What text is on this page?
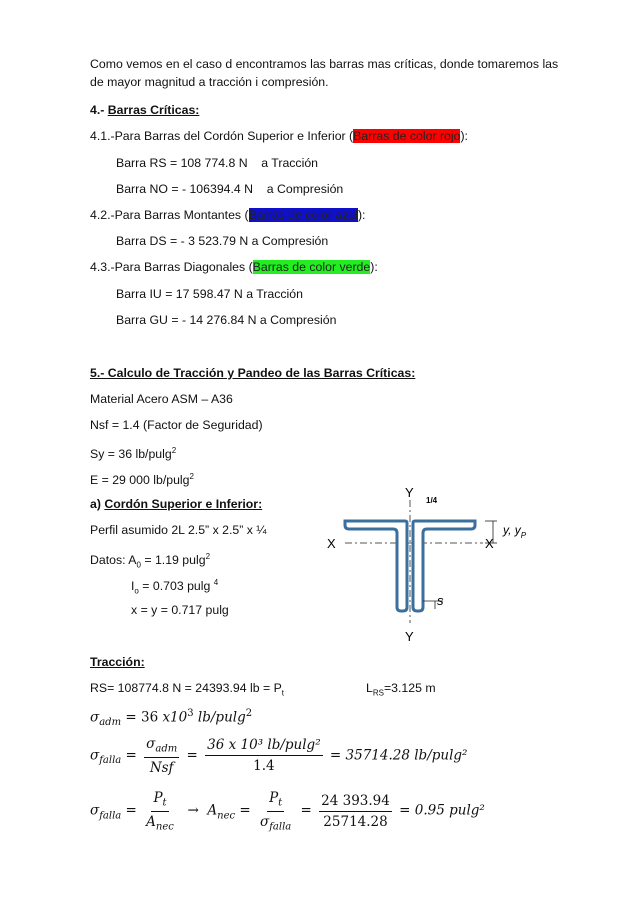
Como vemos en el caso d encontramos las barras mas críticas, donde tomaremos las
de mayor magnitud a tracción i compresión.
4.- Barras Críticas:
4.1.-Para Barras del Cordón Superior e Inferior (Barras de color rojo):
Barra RS = 108 774.8 N a Tracción
Barra NO = - 106394.4 N a Compresión
4.2.-Para Barras Montantes (Barras de color azul):
Barra DS = - 3 523.79 N a Compresión
4.3.-Para Barras Diagonales (Barras de color verde):
Barra IU = 17 598.47 N a Tracción
Barra GU = - 14 276.84 N a Compresión
5.- Calculo de Tracción y Pandeo de las Barras Críticas:
Material Acero ASM – A36
Nsf = 1.4 (Factor de Seguridad)
Sy = 36 lb/pulg$^2$
E = 29 000 lb/pulg$^2$
a) Cordón Superior e Inferior:
Perfil asumido 2L 2.5” x 2.5” x ¼
Datos: $A_0 = 1.19$ pulg$^2$
$I_o = 0.703$ pulg $^4$
x = y = 0.717 pulg
Y
1/4
X	X
y, $y_P$
s
Y
Tracción:
RS= 108774.8 N = 24393.94 lb = $P_t$	$L_{RS}=3.125$ m
$\sigma_{adm} = 36$ $x10^3$ lb/pulg$^2$
$\sigma_{falla} = \frac{\sigma_{adm}}{\text{Nsf}} = \frac{\text{36 x 10³ lb/pulg²}}{1.4} = 35714.28$ lb/pulg²
$\sigma_{falla} = \frac{P_t}{A_{nec}} \to A_{nec} = \frac{P_t}{\sigma_{falla}} = \frac{24 393.94}{25714.28} = 0.95$ pulg²
